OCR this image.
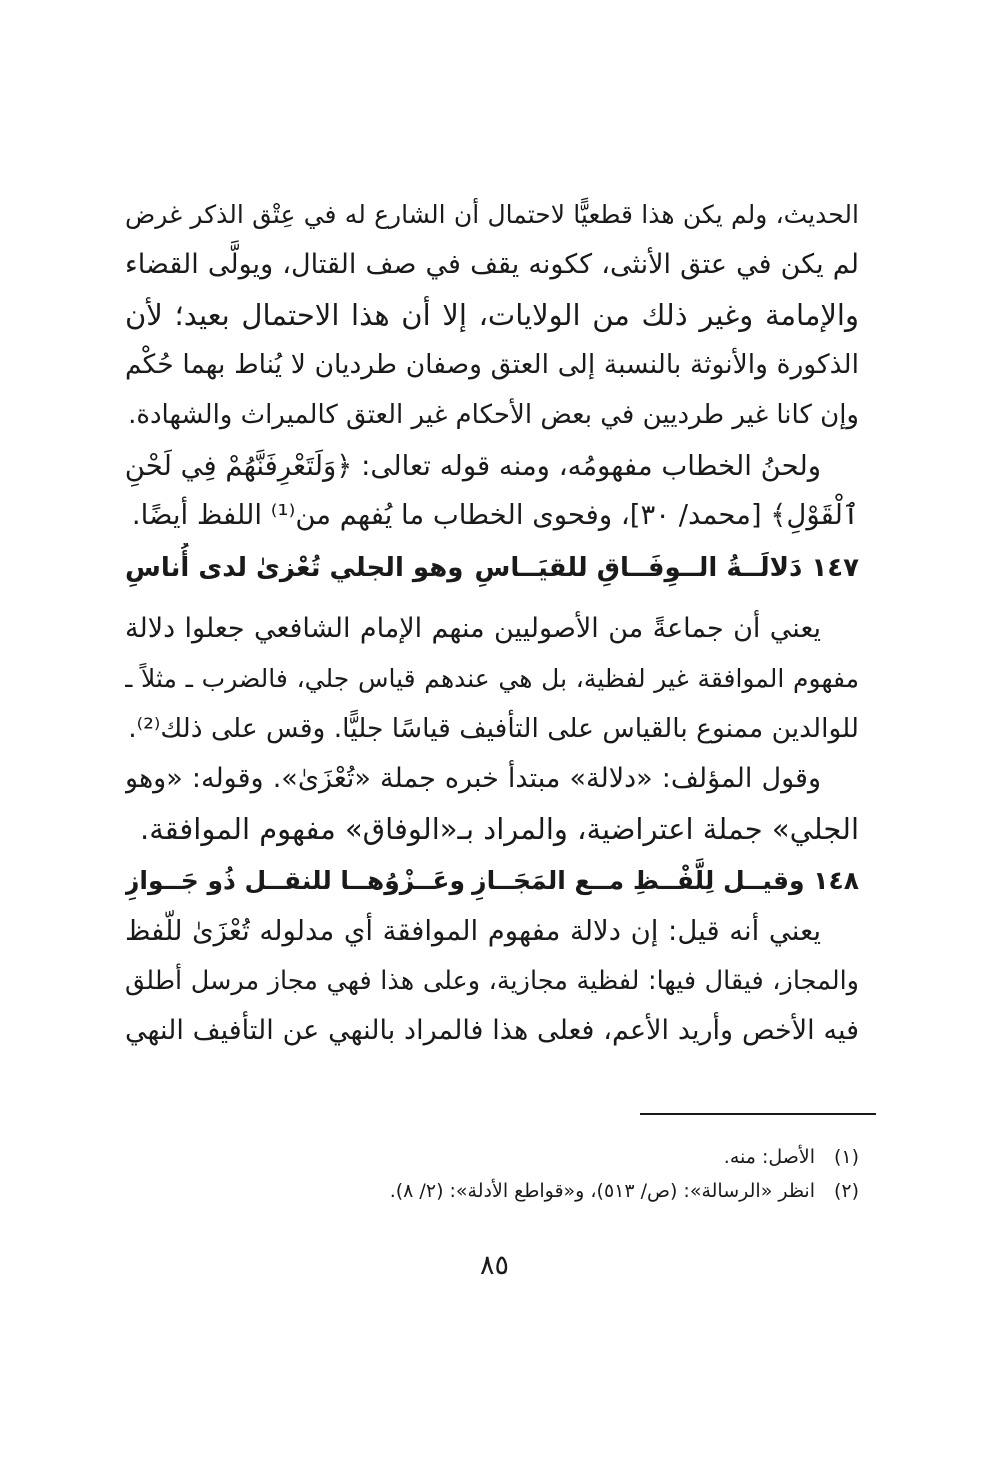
الحديث، ولم يكن هذا قطعيًّا لاحتمال أن الشارع له في عِتْق الذكر غرض
لم يكن في عتق الأنثى، ككونه يقف في صف القتال، ويولَّى القضاء
والإمامة وغير ذلك من الولايات، إلا أن هذا الاحتمال بعيد؛ لأن
الذكورة والأنوثة بالنسبة إلى العتق وصفان طرديان لا يُناط بهما حُكْم
وإن كانا غير طرديين في بعض الأحكام غير العتق كالميراث والشهادة.
ولحنُ الخطاب مفهومُه، ومنه قوله تعالى: ﴿وَلَتَعْرِفَنَّهُمْ فِي لَحْنِ
ٱلْقَوْلِ﴾ [محمد/ ٣٠]، وفحوى الخطاب ما يُفهم من⁽¹⁾ اللفظ أيضًا.
١٤٧ دَلالَــةُ الــوِفَــاقِ للقيَــاسِ
وهو الجلي تُعْزىٰ لدى أُناسِ
يعني أن جماعةً من الأصوليين منهم الإمام الشافعي جعلوا دلالة
مفهوم الموافقة غير لفظية، بل هي عندهم قياس جلي، فالضرب ـ مثلاً ـ
للوالدين ممنوع بالقياس على التأفيف قياسًا جليًّا. وقس على ذلك⁽²⁾.
وقول المؤلف: «دلالة» مبتدأ خبره جملة «تُعْزَىٰ». وقوله: «وهو
الجلي» جملة اعتراضية، والمراد بـ«الوفاق» مفهوم الموافقة.
١٤٨ وقيــل لِلَّفْــظِ مــع المَجَــازِ
وعَــزْوُهــا للنقــل ذُو جَــوازِ
يعني أنه قيل: إن دلالة مفهوم الموافقة أي مدلوله تُعْزَىٰ للّفظ
والمجاز، فيقال فيها: لفظية مجازية، وعلى هذا فهي مجاز مرسل أطلق
فيه الأخص وأريد الأعم، فعلى هذا فالمراد بالنهي عن التأفيف النهي
(١)الأصل: منه.
(٢)انظر «الرسالة»: (ص/ ٥١٣)، و«قواطع الأدلة»: (٢/ ٨).
٨٥
